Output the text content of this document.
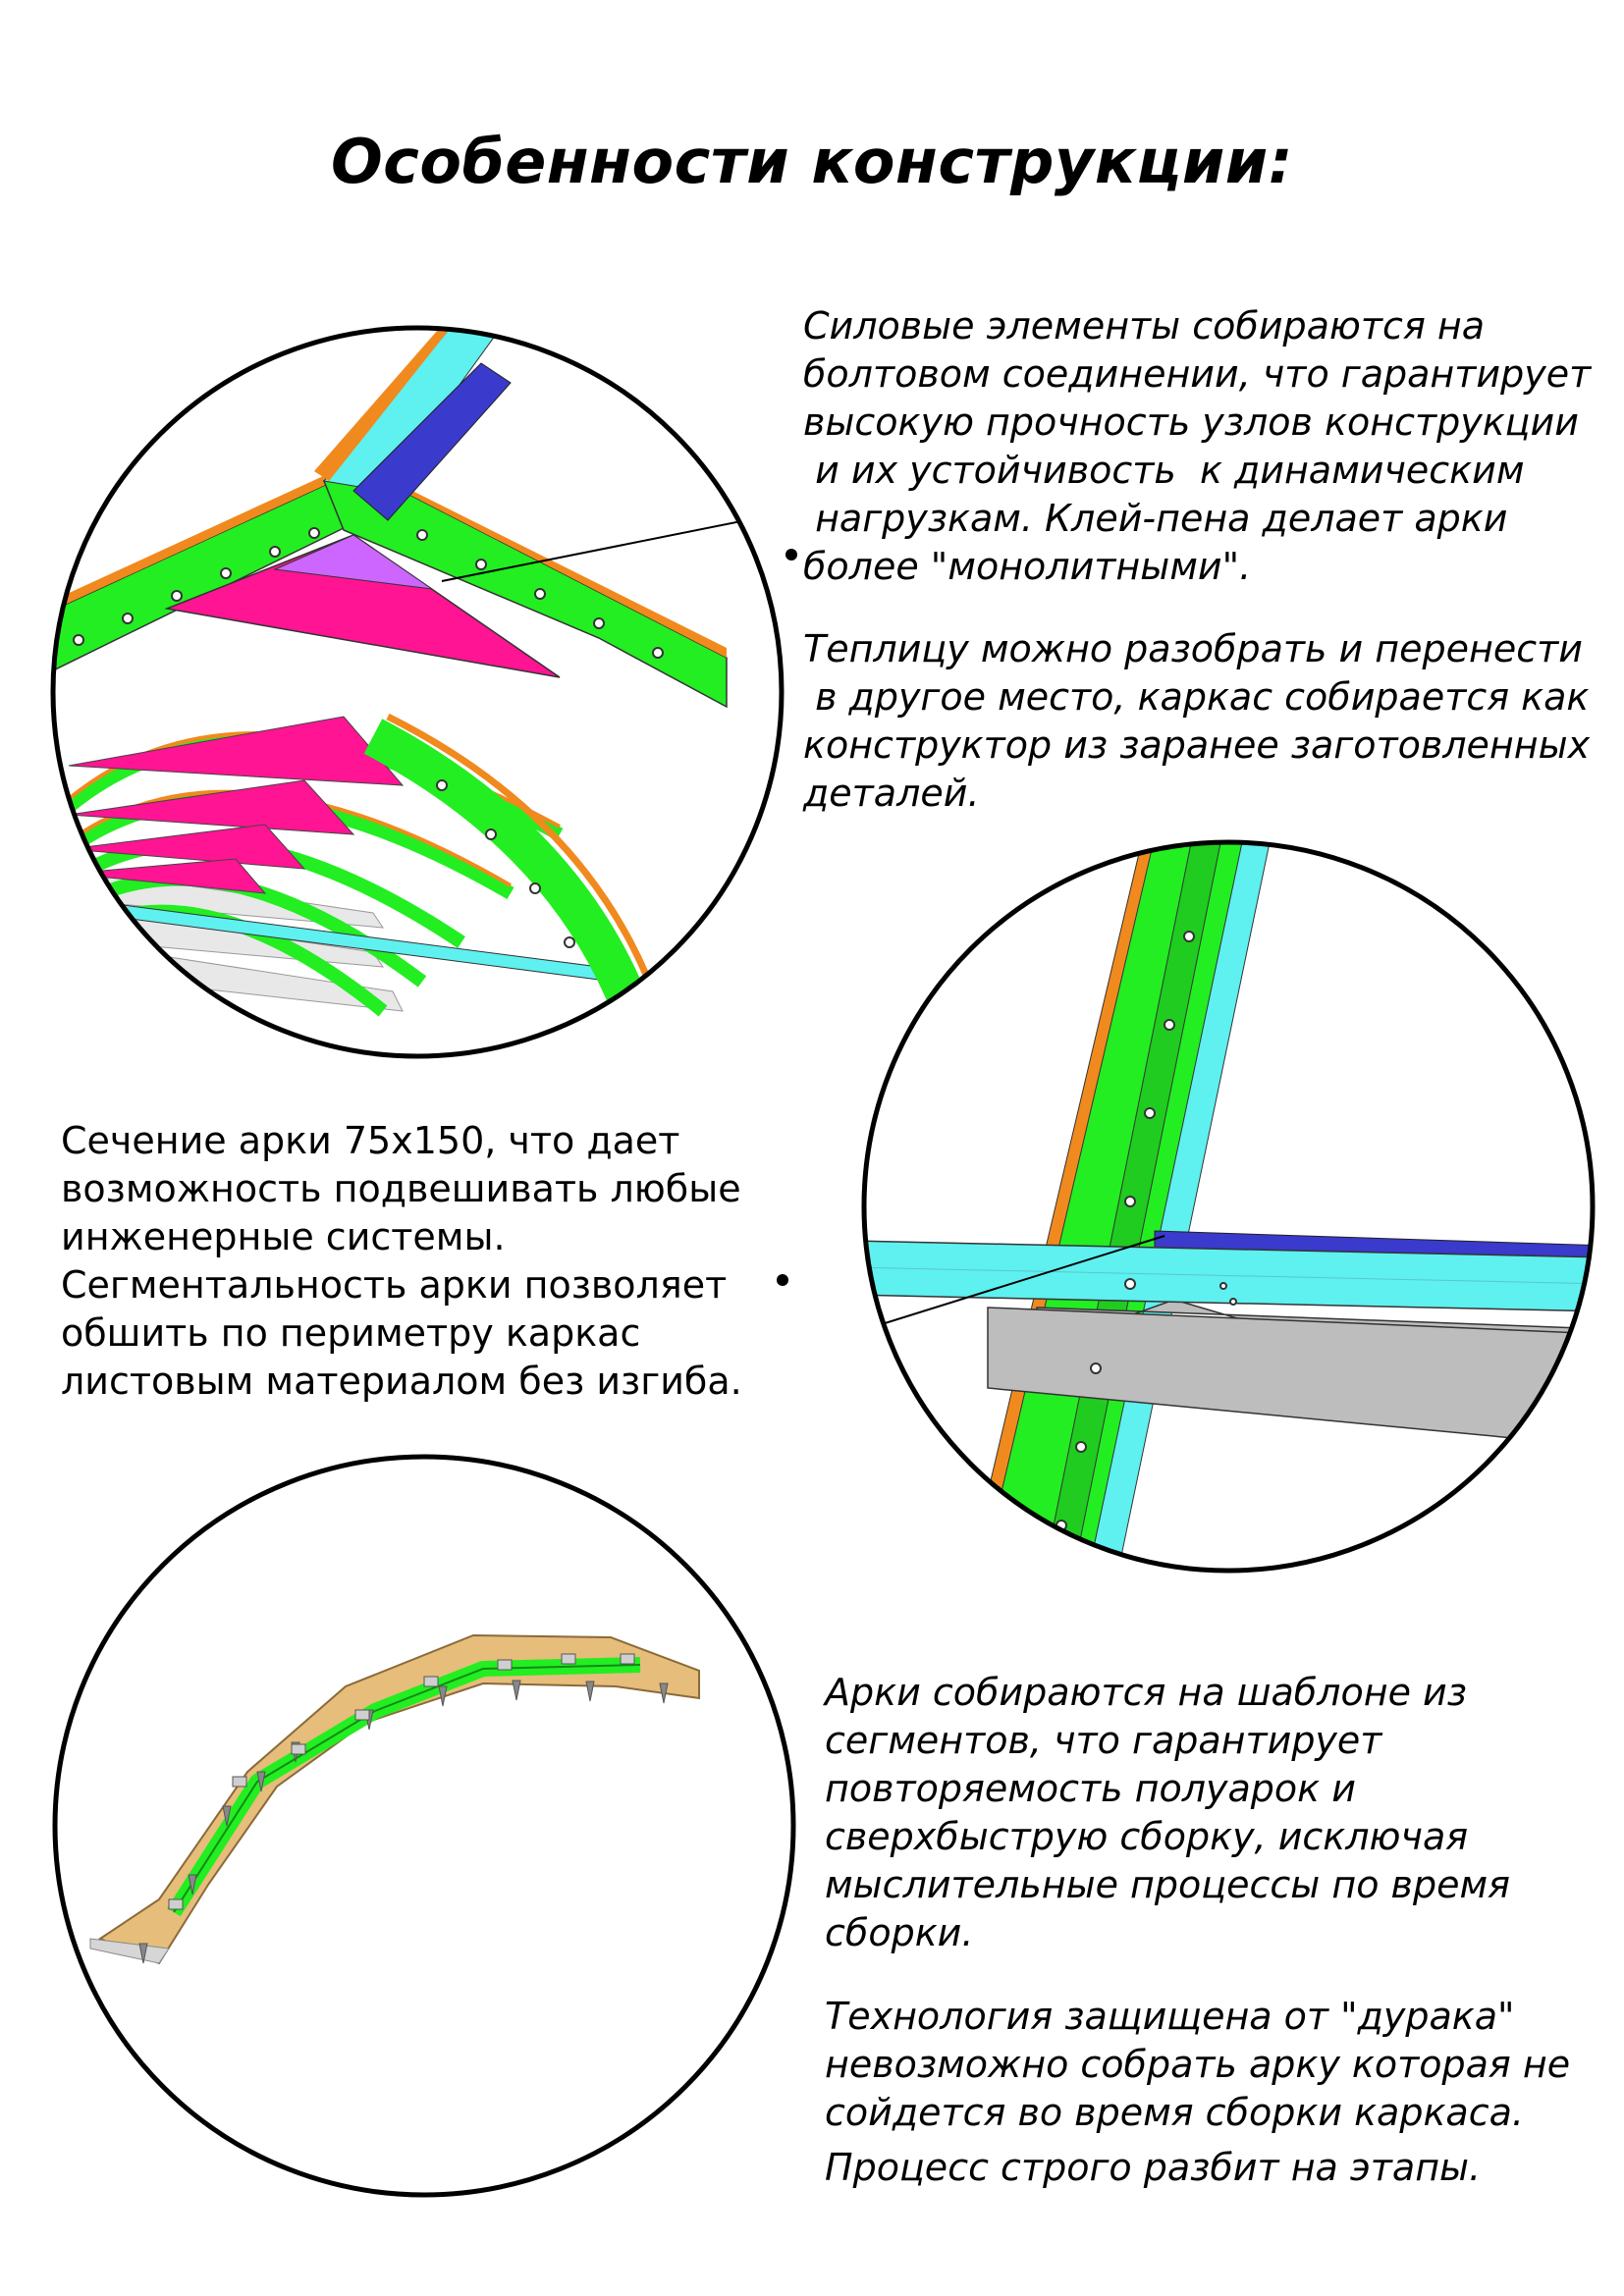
Особенности конструкции:
Силовые элементы собираются на
болтовом соединении, что гарантирует
высокую прочность узлов конструкции
и их устойчивость  к динамическим
нагрузкам. Клей-пена делает арки
более "монолитными".
Теплицу можно разобрать и перенести
в другое место, каркас собирается как
конструктор из заранее заготовленных
деталей.
Сечение арки 75х150, что дает
возможность подвешивать любые
инженерные системы.
Сегментальность арки позволяет
обшить по периметру каркас
листовым материалом без изгиба.
Арки собираются на шаблоне из
сегментов, что гарантирует
повторяемость полуарок и
сверхбыструю сборку, исключая
мыслительные процессы по время
сборки.
Технология защищена от "дурака"
невозможно собрать арку которая не
сойдется во время сборки каркаса.
Процесс строго разбит на этапы.
